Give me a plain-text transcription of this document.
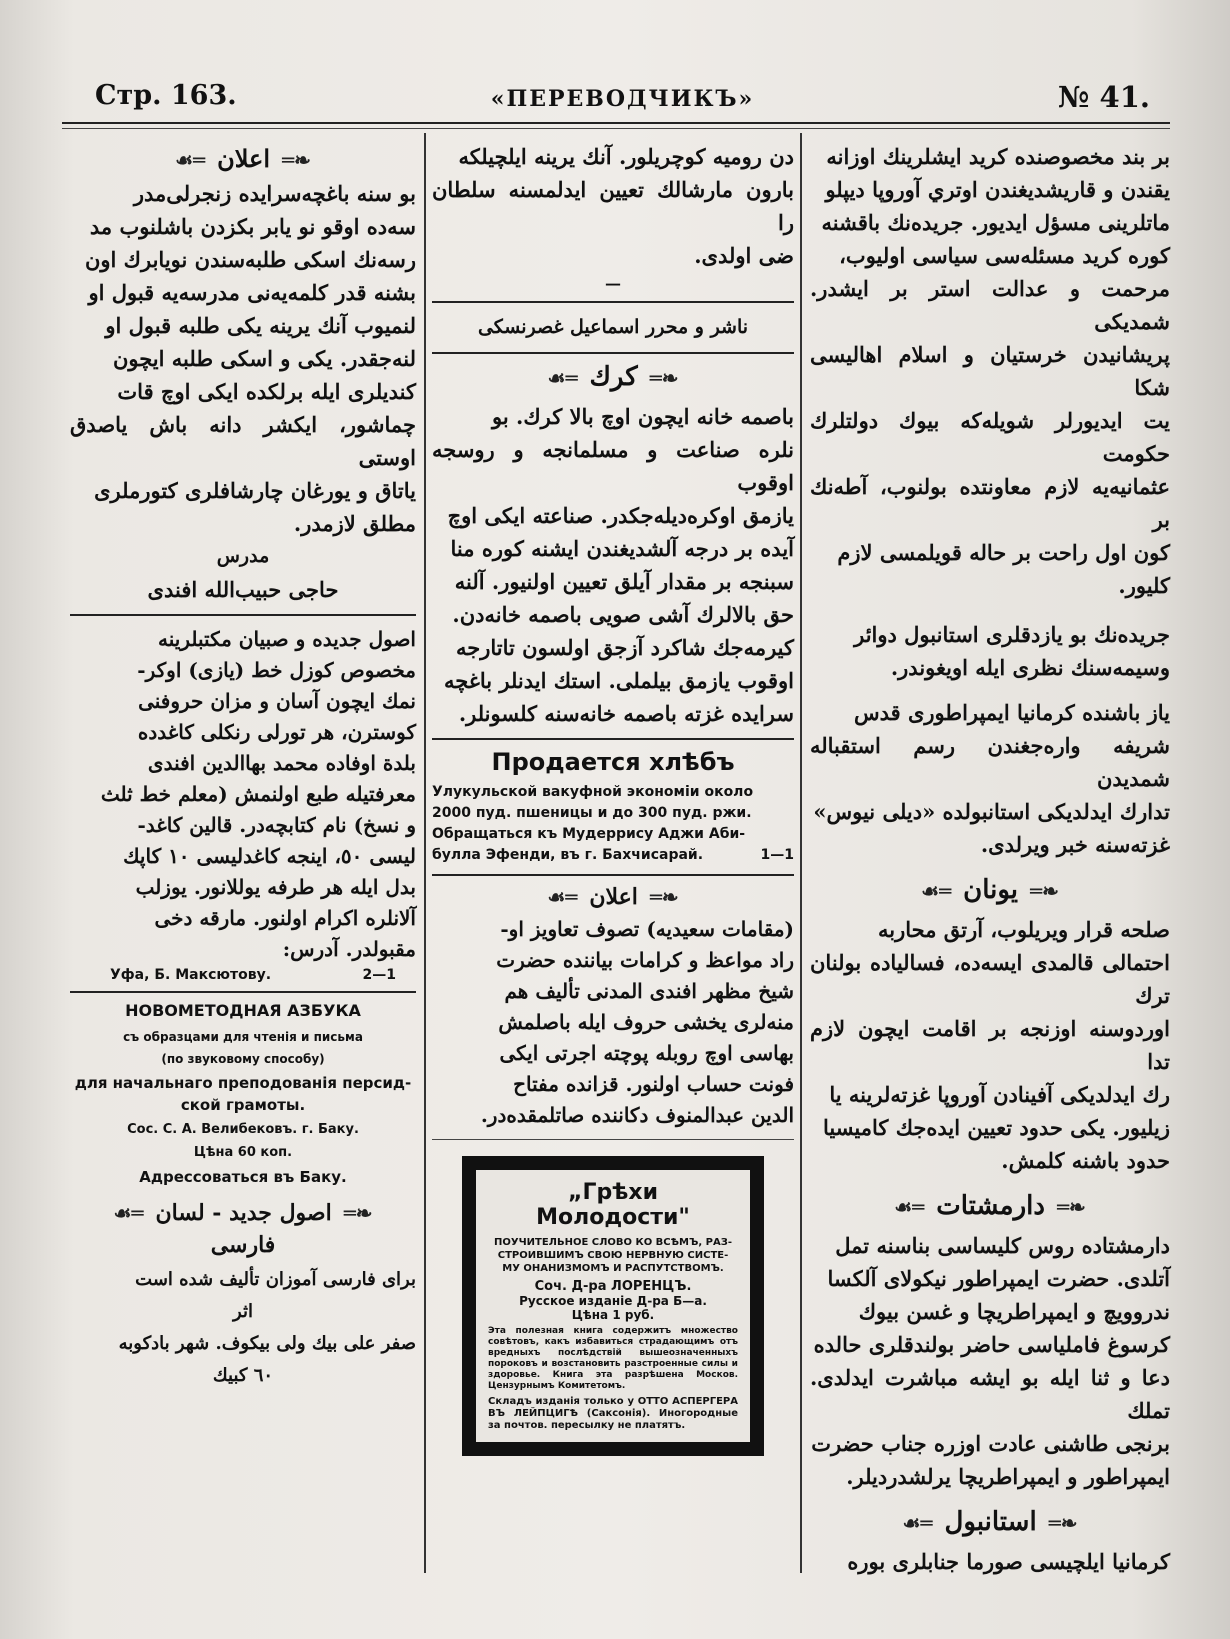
Стр. 163.	«ПЕРЕВОДЧИКЪ»	№ 41.

بر بند مخصوصنده كريد ايشلرينك اوزانه

يقندن و قاريشديغندن اوتري آوروپا ديپلو

ماتلرينى مسؤل ايديور. جريده‌نك باقشنه

كوره كريد مسئله‌سى سياسى اوليوب،

مرحمت و عدالت استر بر ايشدر. شمديكى

پريشانيدن خرستيان و اسلام اهاليسى شكا

يت ايديورلر شويله‌كه بيوك دولتلرك حكومت

عثمانيه‌يه لازم معاونتده بولنوب، آطه‌نك بر

كون اول راحت بر حاله قويلمسى لازم

كليور.

جريده‌نك بو يازدقلرى استانبول دوائر

وسيمه‌سنك نظرى ايله اويغوندر.

ياز باشنده كرمانيا ايمپراطورى قدس

شريفه واره‌جغندن رسم استقباله شمديدن

تدارك ايدلديكى استانبولده «ديلى نيوس»

غزته‌سنه خبر ويرلدى.

❧═يونان═☙

صلحه قرار ويريلوب، آرتق محاربه

احتمالى قالمدى ايسه‌ده، فسالياده بولنان ترك

اوردوسنه اوزنجه بر اقامت ايچون لازم تدا

رك ايدلديكى آفينادن آوروپا غزته‌لرينه يا

زيليور. يكى حدود تعيين ايده‌جك كاميسيا

حدود باشنه كلمش.

❧═دارمشتات═☙

دارمشتاده روس كليساسى بناسنه تمل

آتلدى. حضرت ايمپراطور نيكولاى آلكسا

ندروويچ و ايمپراطريچا و غسن بيوك

كرسوغ فاملياسى حاضر بولندقلرى حالده

دعا و ثنا ايله بو ايشه مباشرت ايدلدى. تملك

برنجى طاشنى عادت اوزره جناب حضرت

ايمپراطور و ايمپراطريچا يرلشدرديلر.

❧═استانبول═☙

كرمانيا ايلچيسى صورما جنابلرى بوره

دن روميه كوچريلور. آنك يرينه ايلچيلكه

بارون مارشالك تعيين ايدلمسنه سلطان را

ضى اولدى.

—
ناشر و محرر اسماعيل غصرنسكى
❧═كرك═☙

باصمه خانه ايچون اوچ بالا كرك. بو

نلره صناعت و مسلمانجه و روسجه اوقوب

يازمق اوكره‌ديله‌جكدر. صناعته ايكى اوچ

آيده بر درجه آلشديغندن ايشنه كوره منا

سبنجه بر مقدار آيلق تعيين اولنيور. آلنه

حق بالالرك آشى صويى باصمه خانه‌دن.

كيرمه‌جك شاكرد آز‌جق اولسون تاتارجه

اوقوب يازمق بيلملى. استك ايدنلر باغچه

سرايده غزته باصمه خانه‌سنه كلسونلر.

Продается хлѣбъ
Улукульской вакуфной экономіи около
2000 пуд. пшеницы и до 300 пуд. ржи.
Обращаться къ Мудеррису Аджи Аби-
булла Эфенди, въ г. Бахчисарай.	1—1
❧═اعلان═☙

(مقامات سعيديه) تصوف تعاويز او-

راد مواعظ و كرامات بياننده حضرت

شيخ مظهر افندى المدنى تأليف هم

منه‌لرى يخشى حروف ايله باصلمش

بهاسى اوچ روبله پوچته اجرتى ايكى

فونت حساب اولنور. قزانده مفتاح

الدين عبدالمنوف دكاننده صاتلمقده‌در.

„Грѣхи Молодости"
ПОУЧИТЕЛЬНОЕ СЛОВО КО ВСѢМЪ, РАЗ-
СТРОИВШИМЪ СВОЮ НЕРВНУЮ СИСТЕ-
МУ ОНАНИЗМОМЪ И РАСПУТСТВОМЪ.
Соч. Д-ра ЛОРЕНЦЪ.
Русское изданіе Д-ра Б—а.
Цѣна 1 руб.
Эта полезная книга содержитъ множество совѣтовъ, какъ избавиться страдающимъ отъ вредныхъ послѣдствій вышеозначенныхъ пороковъ и возстановить разстроенные силы и здоровье. Книга эта разрѣшена Москов. Цензурнымъ Комитетомъ.
Складъ изданія только у ОТТО АСПЕРГЕРА ВЪ ЛЕЙПЦИГѢ (Саксонія). Иногородные за почтов. пересылку не платятъ.
❧═اعلان═☙

بو سنه باغچه‌سرايده زنجرلى‌مدر

سه‌ده اوقو نو يابر بكزدن باشلنوب مد

رسه‌نك اسكى طلبه‌سندن نويابرك اون

بشنه قدر كلمه‌يه‌نى مدرسه‌يه قبول او

لنميوب آنك يرينه يكى طلبه قبول او

لنه‌جقدر. يكى و اسكى طلبه ايچون

كنديلرى ايله برلكده ايكى اوچ قات

چماشور، ايكشر دانه باش ياصدق اوستى

ياتاق و يورغان چارشافلرى كتورملرى

مطلق لازمدر.

مدرس
حاجى حبيب‌الله افندى

اصول جديده و صبيان مكتبلرينه

مخصوص كوزل خط (يازى) اوكر-

نمك ايچون آسان و مزان حروفنى

كوسترن، هر تورلى رنكلى كاغدده

بلدة اوفاده محمد بهاالدين افندى

معرفتيله طبع اولنمش (معلم خط ثلث

و نسخ) نام كتابچه‌در. قالين كاغد-

ليسى ٥٠، اينجه كاغدليسى ١٠ كاپك

بدل ايله هر طرفه يوللانور. يوزلب

آلانلره اكرام اولنور. مارقه دخى

مقبولدر. آدرس:

Уфа, Б. Максютову.	2—1
НОВОМЕТОДНАЯ АЗБУКА
съ образцами для чтенія и письма
(по звуковому способу)
для начальнаго преподованія персид-
ской грамоты.
Сос. С. А. Велибековъ. г. Баку.
Цѣна 60 коп.
Адрессоваться въ Баку.
❧═اصول جديد - لسان═☙
فارسى

براى فارسى آموزان تأليف شده است

اثر

صفر على بيك ولى بيكوف. شهر بادكوبه

٦٠ كبيك
